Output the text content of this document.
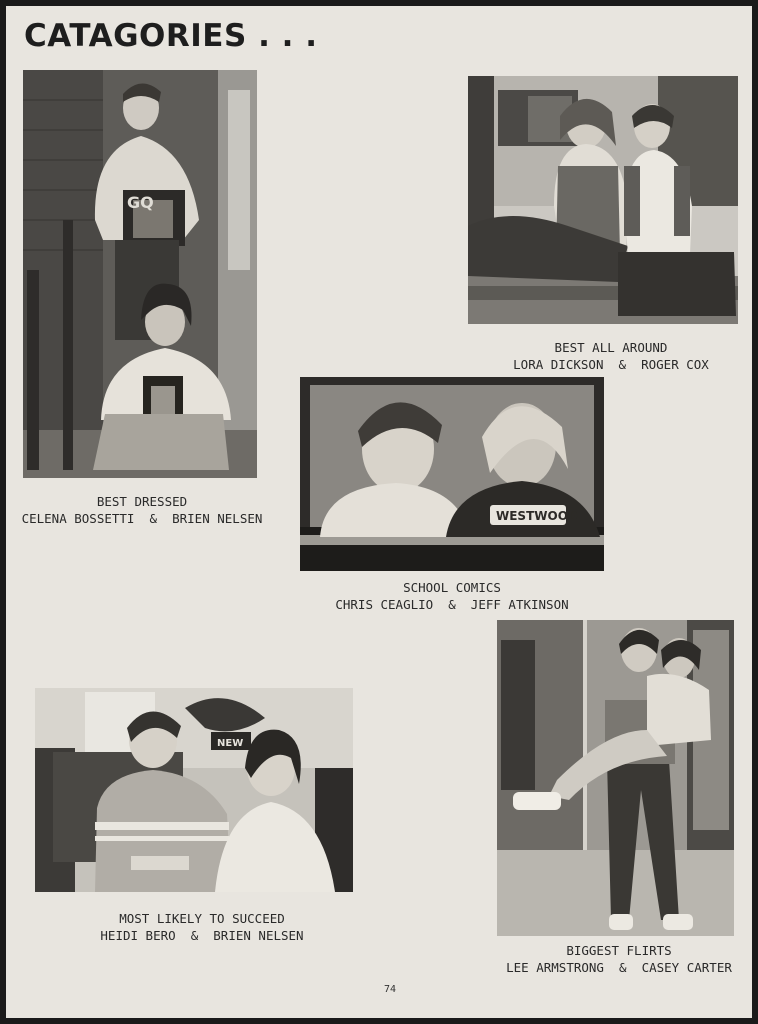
CATAGORIES . . .
GQ
BEST DRESSED
CELENA BOSSETTI  &  BRIEN NELSEN
BEST ALL AROUND
LORA DICKSON  &  ROGER COX
WESTWOOD
SCHOOL COMICS
CHRIS CEAGLIO  &  JEFF ATKINSON
BIGGEST FLIRTS
LEE ARMSTRONG  &  CASEY CARTER
NEW
MOST LIKELY TO SUCCEED
HEIDI BERO  &  BRIEN NELSEN
74
